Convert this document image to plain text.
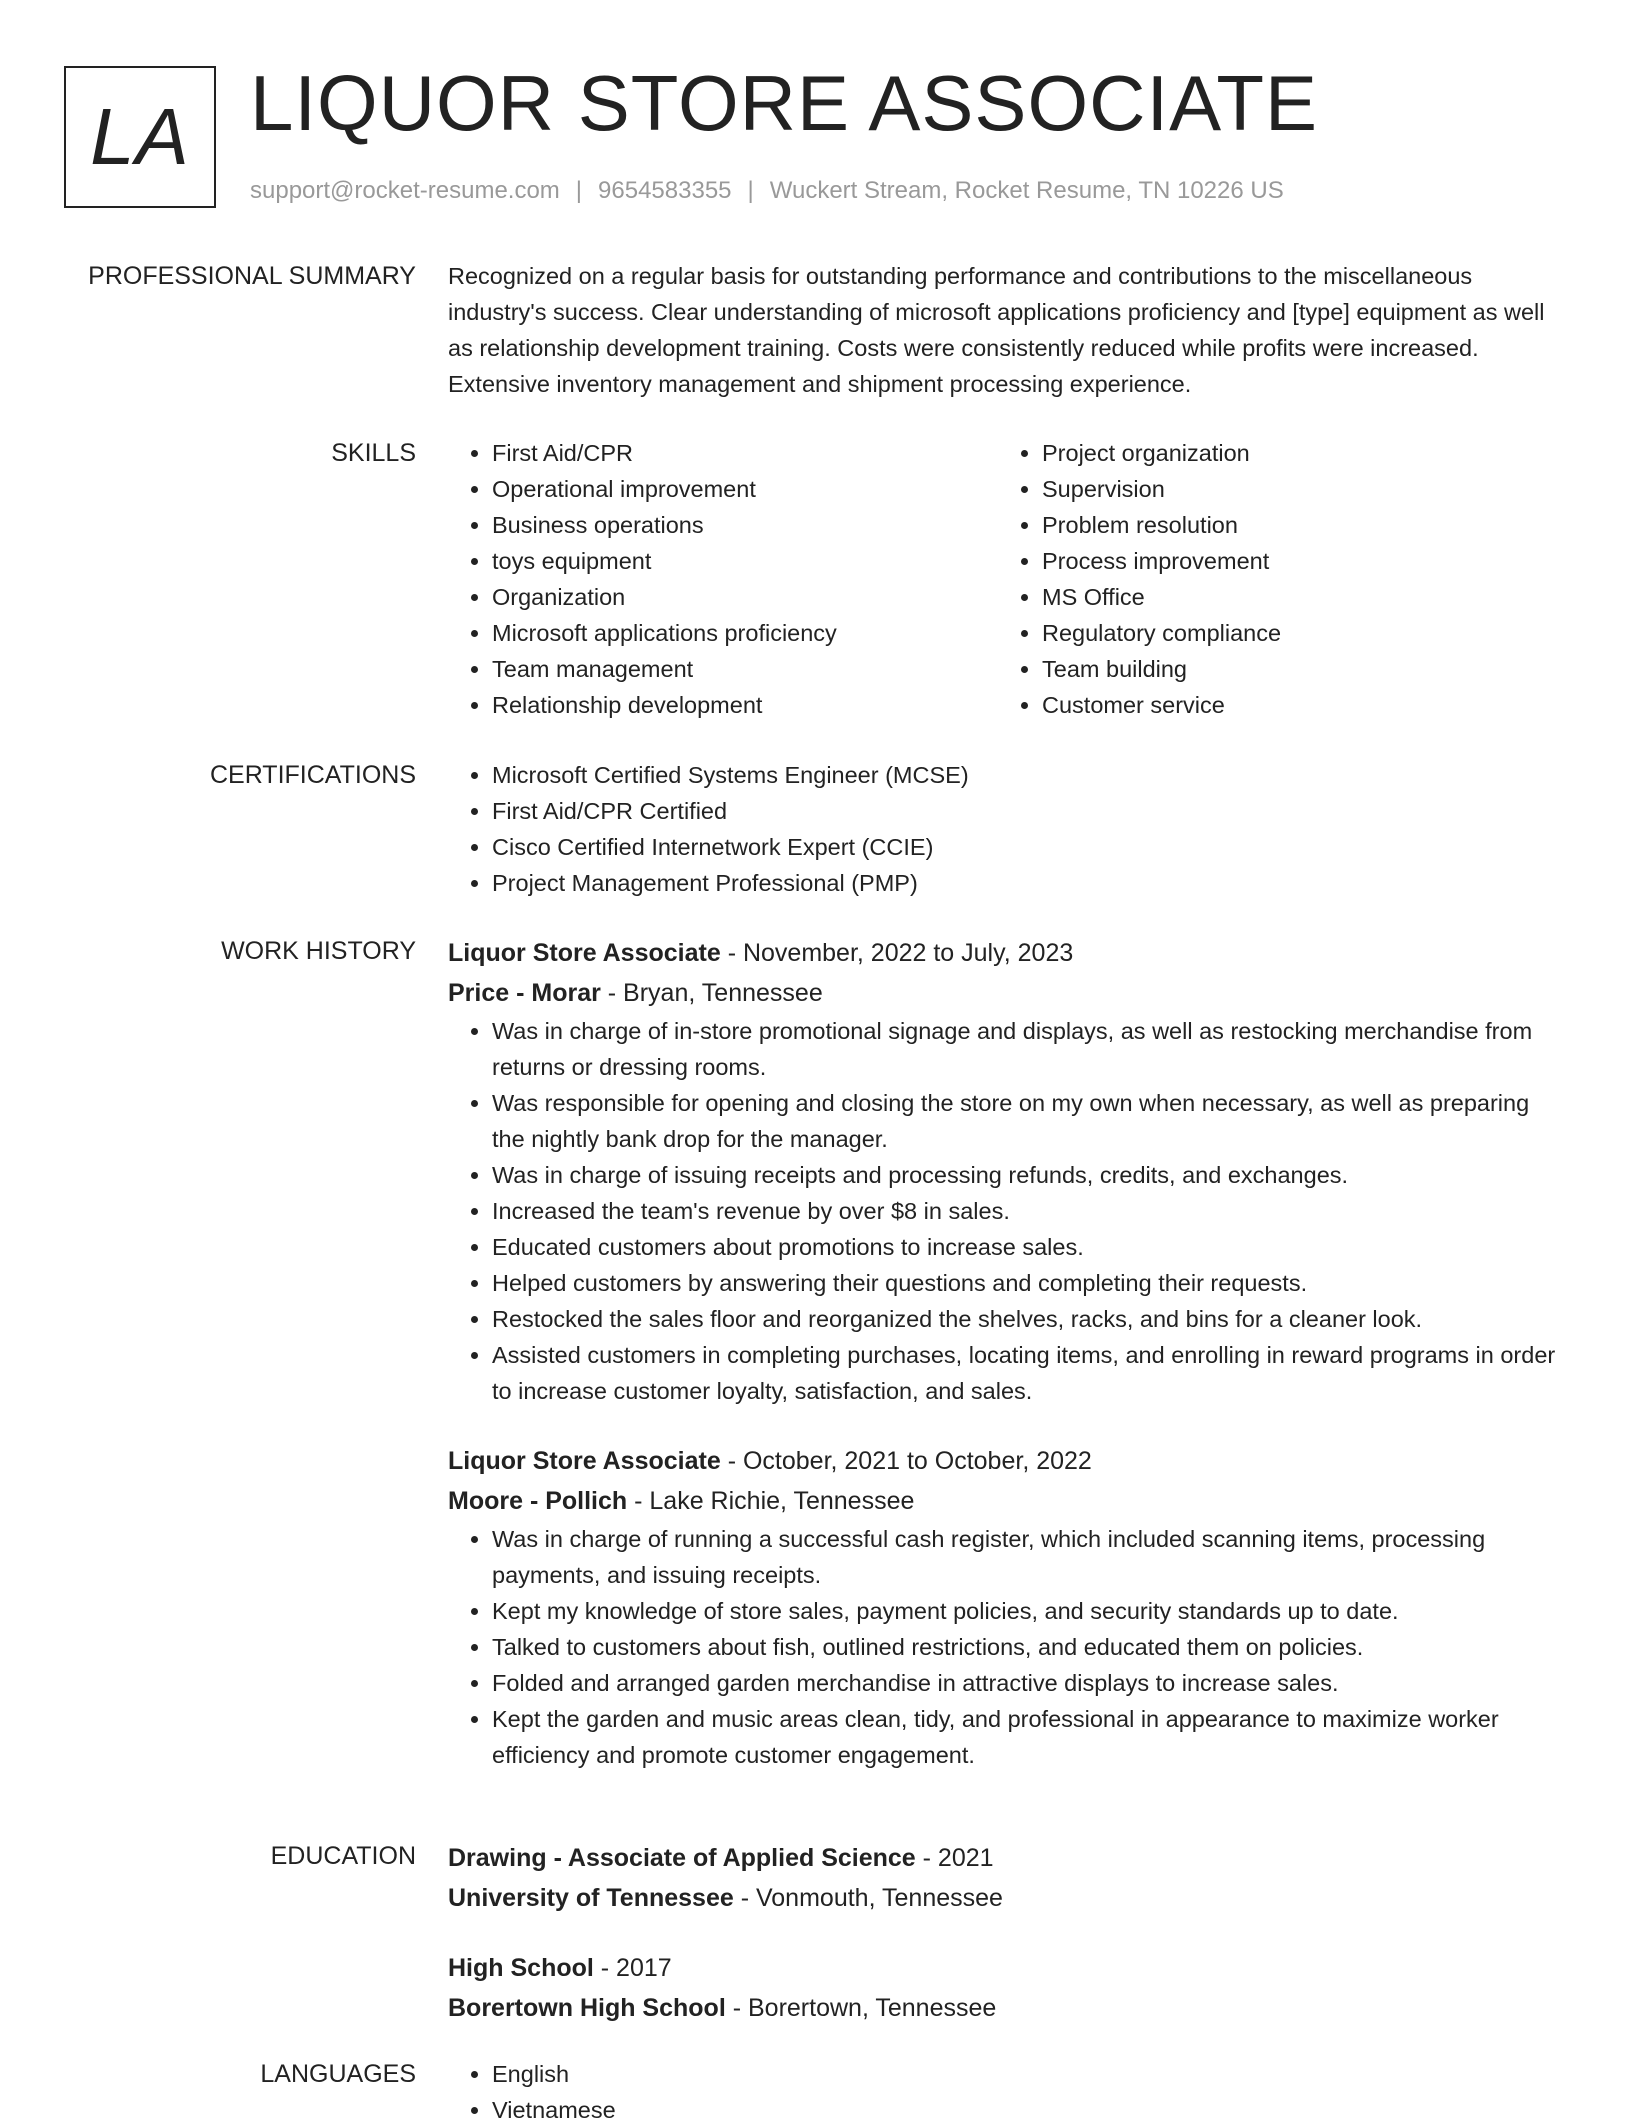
LA LIQUOR STORE ASSOCIATE
support@rocket-resume.com | 9654583355 | Wuckert Stream, Rocket Resume, TN 10226 US
PROFESSIONAL SUMMARY Recognized on a regular basis for outstanding performance and contributions to the miscellaneous industry's success. Clear understanding of microsoft applications proficiency and [type] equipment as well as relationship development training. Costs were consistently reduced while profits were increased. Extensive inventory management and shipment processing experience.

SKILLS	• First Aid/CPR
• Operational improvement
• Business operations
• toys equipment
• Organization
• Microsoft applications proficiency
• Team management
• Relationship development
• Project organization
• Supervision
• Problem resolution
• Process improvement
• MS Office
• Regulatory compliance
• Team building
• Customer service
CERTIFICATIONS	• Microsoft Certified Systems Engineer (MCSE)
• First Aid/CPR Certified
• Cisco Certified Internetwork Expert (CCIE)
• Project Management Professional (PMP)
WORK HISTORY Liquor Store Associate - November, 2022 to July, 2023
Price - Morar - Bryan, Tennessee
• Was in charge of in-store promotional signage and displays, as well as restocking merchandise from returns or dressing rooms.
• Was responsible for opening and closing the store on my own when necessary, as well as preparing the nightly bank drop for the manager.
• Was in charge of issuing receipts and processing refunds, credits, and exchanges.
• Increased the team's revenue by over $8 in sales.
• Educated customers about promotions to increase sales.
• Helped customers by answering their questions and completing their requests.
• Restocked the sales floor and reorganized the shelves, racks, and bins for a cleaner look.
• Assisted customers in completing purchases, locating items, and enrolling in reward programs in order to increase customer loyalty, satisfaction, and sales.
Liquor Store Associate - October, 2021 to October, 2022
Moore - Pollich - Lake Richie, Tennessee
• Was in charge of running a successful cash register, which included scanning items, processing payments, and issuing receipts.
• Kept my knowledge of store sales, payment policies, and security standards up to date.
• Talked to customers about fish, outlined restrictions, and educated them on policies.
• Folded and arranged garden merchandise in attractive displays to increase sales.
• Kept the garden and music areas clean, tidy, and professional in appearance to maximize worker efficiency and promote customer engagement.
EDUCATION Drawing - Associate of Applied Science - 2021
University of Tennessee - Vonmouth, Tennessee
High School - 2017
Borertown High School - Borertown, Tennessee
LANGUAGES	• English
• Vietnamese
